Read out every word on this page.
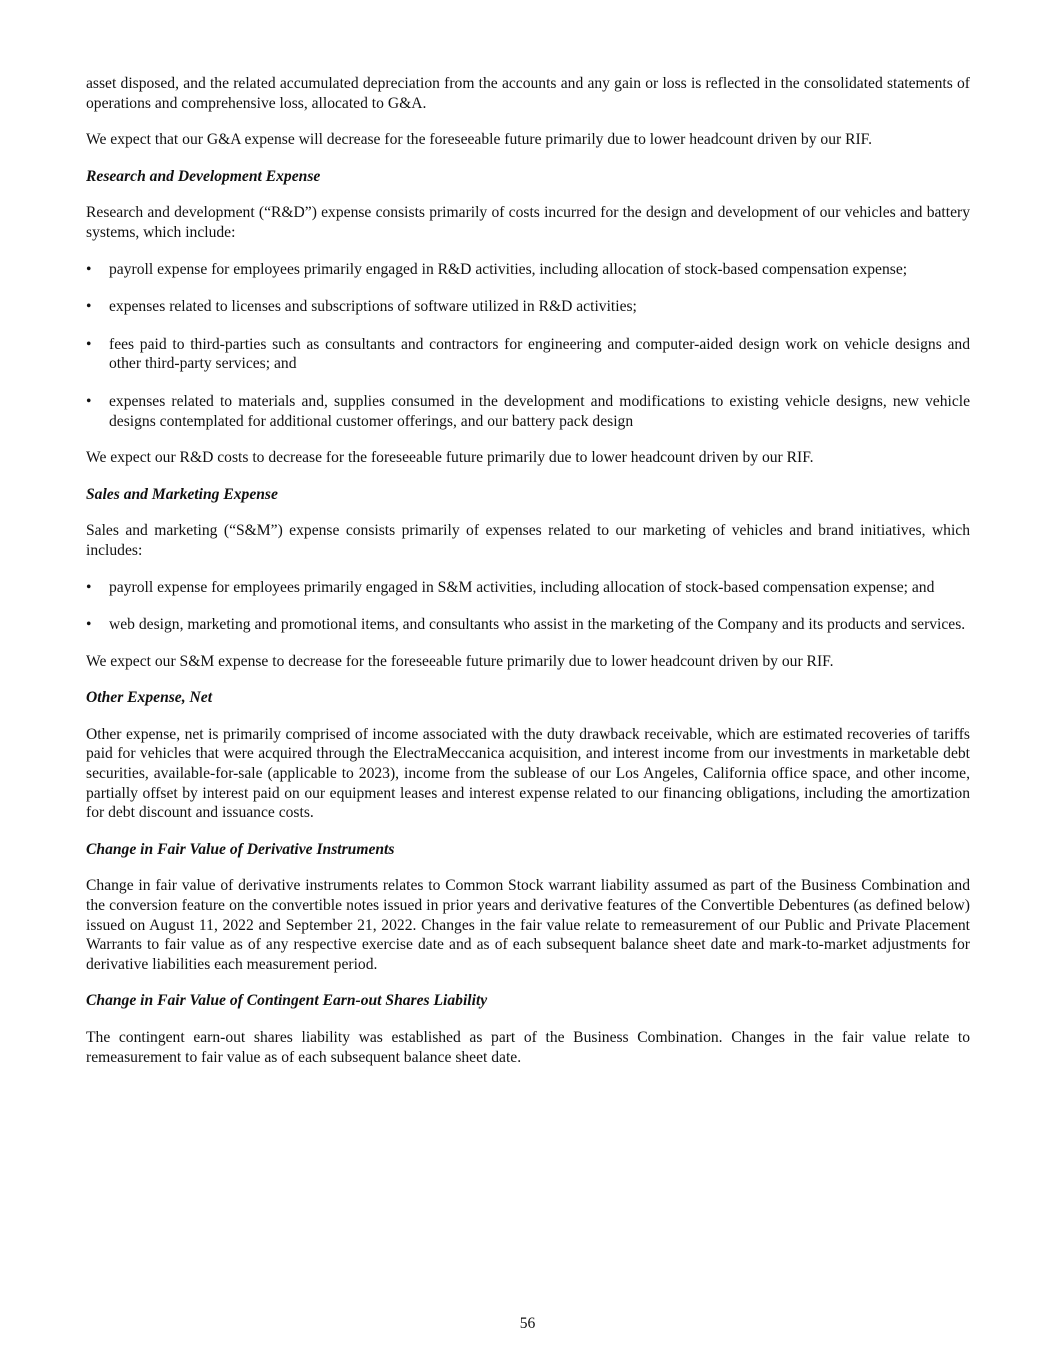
asset disposed, and the related accumulated depreciation from the accounts and any gain or loss is reflected in the consolidated statements of operations and comprehensive loss, allocated to G&A.

We expect that our G&A expense will decrease for the foreseeable future primarily due to lower headcount driven by our RIF.

Research and Development Expense

Research and development (“R&D”) expense consists primarily of costs incurred for the design and development of our vehicles and battery systems, which include:

• payroll expense for employees primarily engaged in R&D activities, including allocation of stock-based compensation expense;
• expenses related to licenses and subscriptions of software utilized in R&D activities;
• fees paid to third-parties such as consultants and contractors for engineering and computer-aided design work on vehicle designs and other third-party services; and
• expenses related to materials and, supplies consumed in the development and modifications to existing vehicle designs, new vehicle designs contemplated for additional customer offerings, and our battery pack design

We expect our R&D costs to decrease for the foreseeable future primarily due to lower headcount driven by our RIF.

Sales and Marketing Expense

Sales and marketing (“S&M”) expense consists primarily of expenses related to our marketing of vehicles and brand initiatives, which includes:

• payroll expense for employees primarily engaged in S&M activities, including allocation of stock-based compensation expense; and
• web design, marketing and promotional items, and consultants who assist in the marketing of the Company and its products and services.

We expect our S&M expense to decrease for the foreseeable future primarily due to lower headcount driven by our RIF.

Other Expense, Net

Other expense, net is primarily comprised of income associated with the duty drawback receivable, which are estimated recoveries of tariffs paid for vehicles that were acquired through the ElectraMeccanica acquisition, and interest income from our investments in marketable debt securities, available-for-sale (applicable to 2023), income from the sublease of our Los Angeles, California office space, and other income, partially offset by interest paid on our equipment leases and interest expense related to our financing obligations, including the amortization for debt discount and issuance costs.

Change in Fair Value of Derivative Instruments

Change in fair value of derivative instruments relates to Common Stock warrant liability assumed as part of the Business Combination and the conversion feature on the convertible notes issued in prior years and derivative features of the Convertible Debentures (as defined below) issued on August 11, 2022 and September 21, 2022. Changes in the fair value relate to remeasurement of our Public and Private Placement Warrants to fair value as of any respective exercise date and as of each subsequent balance sheet date and mark-to-market adjustments for derivative liabilities each measurement period.

Change in Fair Value of Contingent Earn-out Shares Liability

The contingent earn-out shares liability was established as part of the Business Combination. Changes in the fair value relate to remeasurement to fair value as of each subsequent balance sheet date.

56
